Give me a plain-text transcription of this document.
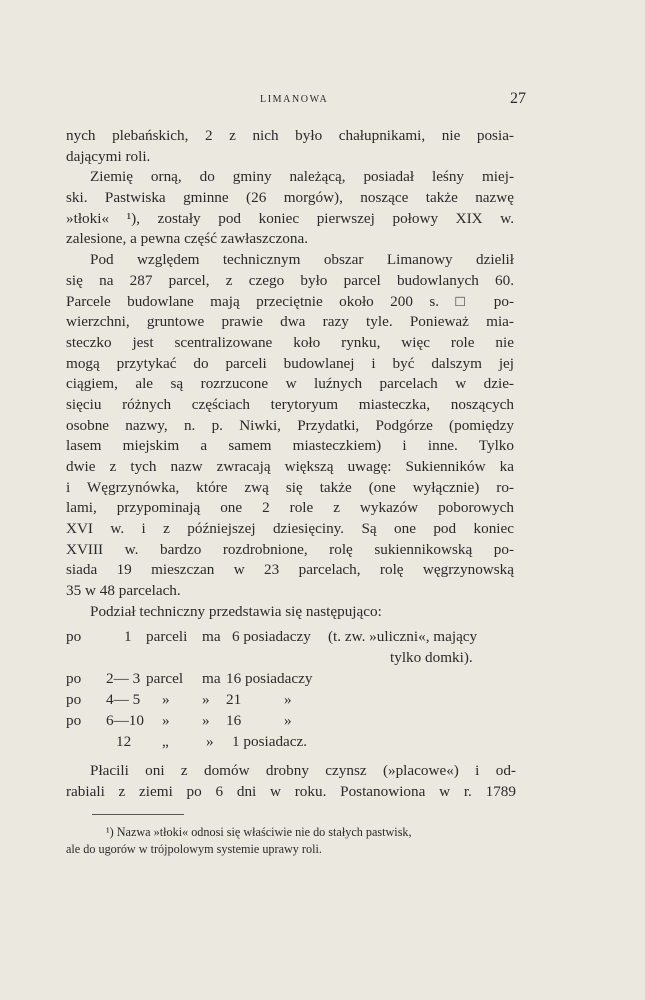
LIMANOWA	27
nych plebańskich, 2 z nich było chałupnikami, nie posia-
dającymi roli.
Ziemię orną, do gminy należącą, posiadał leśny miej-
ski. Pastwiska gminne (26 morgów), noszące także nazwę
»tłoki« ¹), zostały pod koniec pierwszej połowy XIX w.
zalesione, a pewna część zawłaszczona.
Pod względem technicznym obszar Limanowy dzielił
się na 287 parcel, z czego było parcel budowlanych 60.
Parcele budowlane mają przeciętnie około 200 s. □ po-
wierzchni, gruntowe prawie dwa razy tyle. Ponieważ mia-
steczko jest scentralizowane koło rynku, więc role nie
mogą przytykać do parceli budowlanej i być dalszym jej
ciągiem, ale są rozrzucone w luźnych parcelach w dzie-
sięciu różnych częściach terytoryum miasteczka, noszących
osobne nazwy, n. p. Niwki, Przydatki, Podgórze (pomiędzy
lasem miejskim a samem miasteczkiem) i inne. Tylko
dwie z tych nazw zwracają większą uwagę: Sukienników ka
i Węgrzynówka, które zwą się także (one wyłącznie) ro-
lami, przypominają one 2 role z wykazów poborowych
XVI w. i z późniejszej dziesięciny. Są one pod koniec
XVIII w. bardzo rozdrobnione, rolę sukiennikowską po-
siada 19 mieszczan w 23 parcelach, rolę węgrzynowską
35 w 48 parcelach.
Podział techniczny przedstawia się następująco:
po	1 parceli ma 6 posiadaczy (t. zw. »uliczni«, mający
tylko domki).
po 2— 3 parcel ma 16 posiadaczy
po 4— 5 » » 21	»
po 6—10 » » 16	»
12 „ » 1 posiadacz.
Płacili oni z domów drobny czynsz (»placowe«) i od-
rabiali z ziemi po 6 dni w roku. Postanowiona w r. 1789
¹) Nazwa »tłoki« odnosi się właściwie nie do stałych pastwisk,
ale do ugorów w trójpolowym systemie uprawy roli.
